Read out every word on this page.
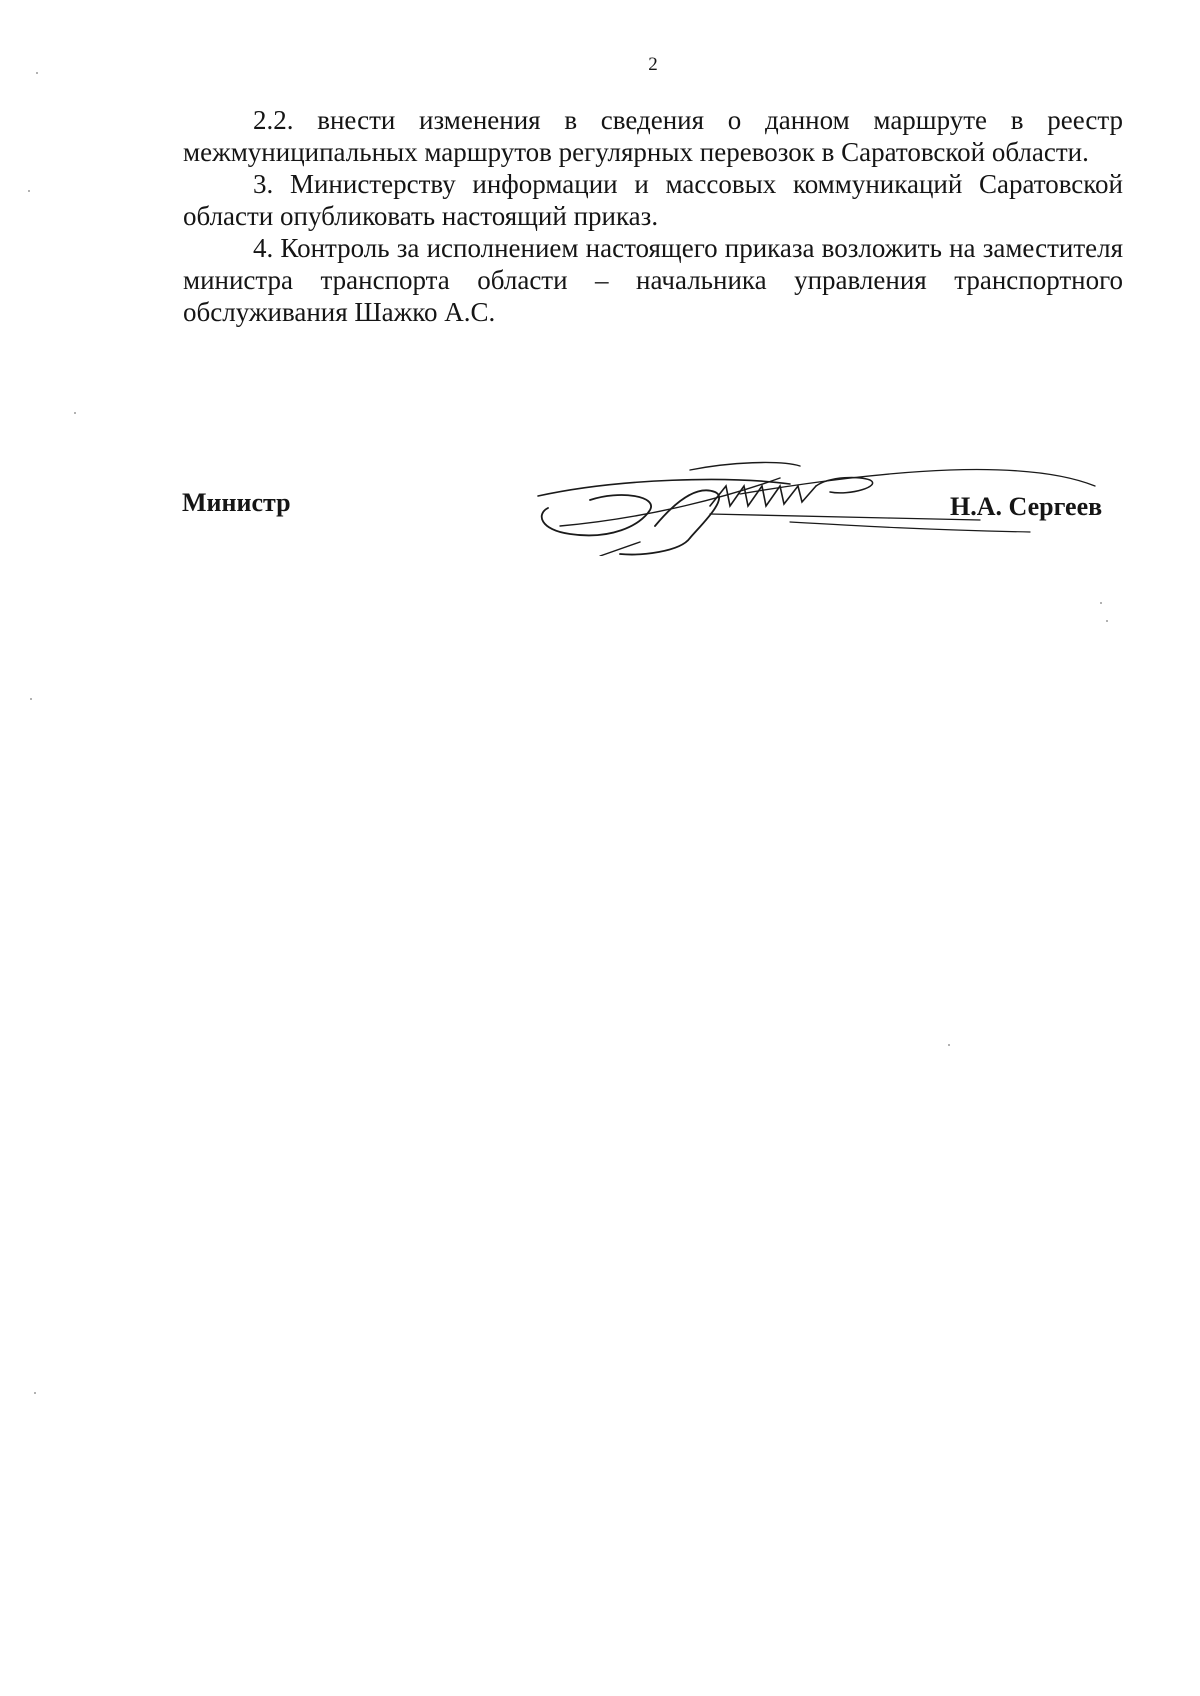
2

2.2. внести изменения в сведения о данном маршруте в реестр межмуниципальных маршрутов регулярных перевозок в Саратовской области.

3. Министерству информации и массовых коммуникаций Саратовской области опубликовать настоящий приказ.

4. Контроль за исполнением настоящего приказа возложить на заместителя министра транспорта области – начальника управления транспортного обслуживания Шажко А.С.

Министр	Н.А. Сергеев
